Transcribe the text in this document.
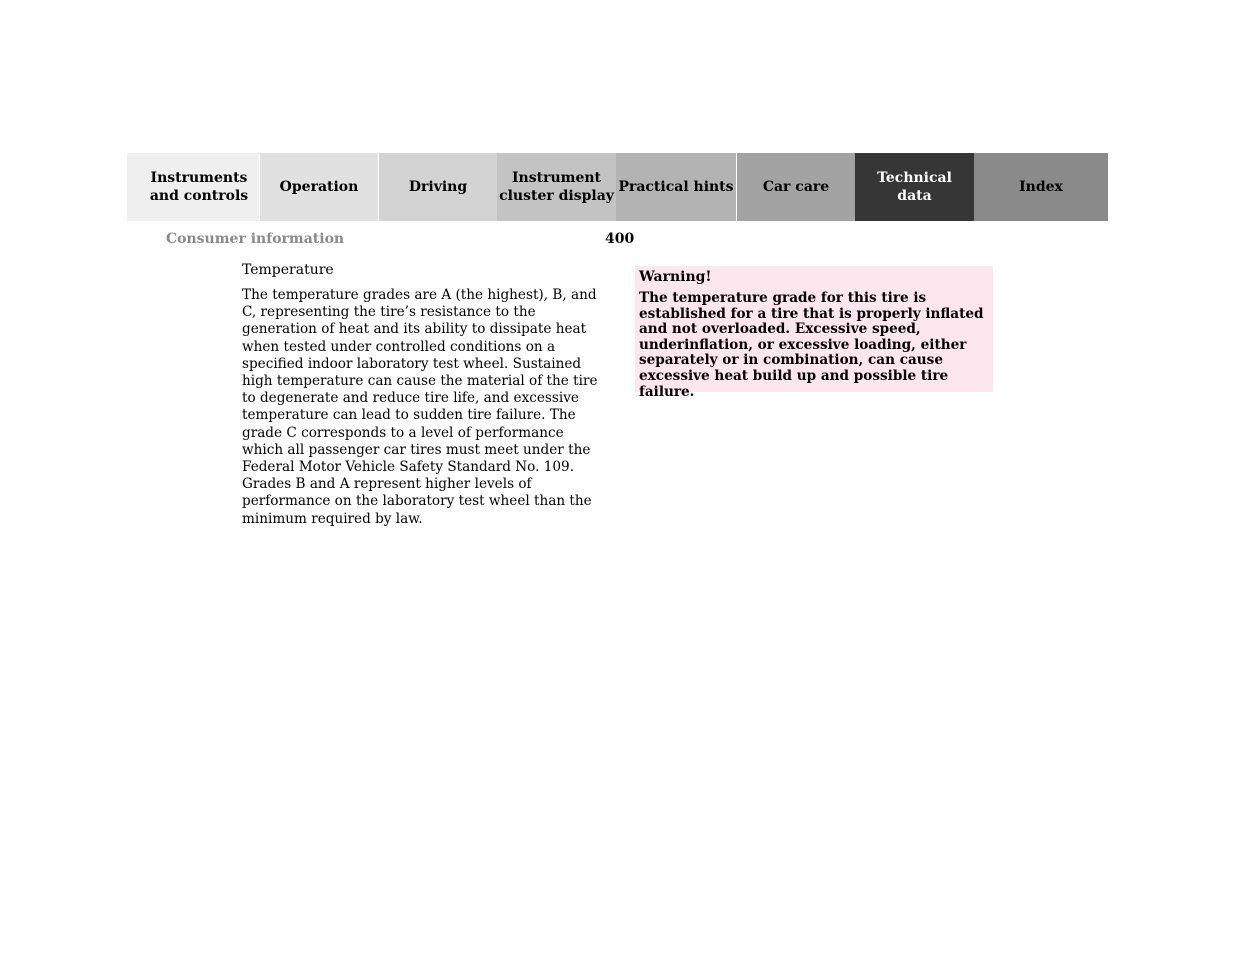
Instruments
and controls
Operation	Driving
Instrument
cluster display
Practical hints Car care
Technical
data
Index
Consumer information	400
Temperature

The temperature grades are A (the highest), B, and C, representing the tire’s resistance to the generation of heat and its ability to dissipate heat when tested under controlled conditions on a specified indoor laboratory test wheel. Sustained high temperature can cause the material of the tire to degenerate and reduce tire life, and excessive temperature can lead to sudden tire failure. The grade C corresponds to a level of performance which all passenger car tires must meet under the Federal Motor Vehicle Safety Standard No. 109. Grades B and A represent higher levels of performance on the laboratory test wheel than the minimum required by law.

Warning!

The temperature grade for this tire is established for a tire that is properly inflated and not overloaded. Excessive speed, underinflation, or excessive loading, either separately or in combination, can cause excessive heat build up and possible tire failure.
